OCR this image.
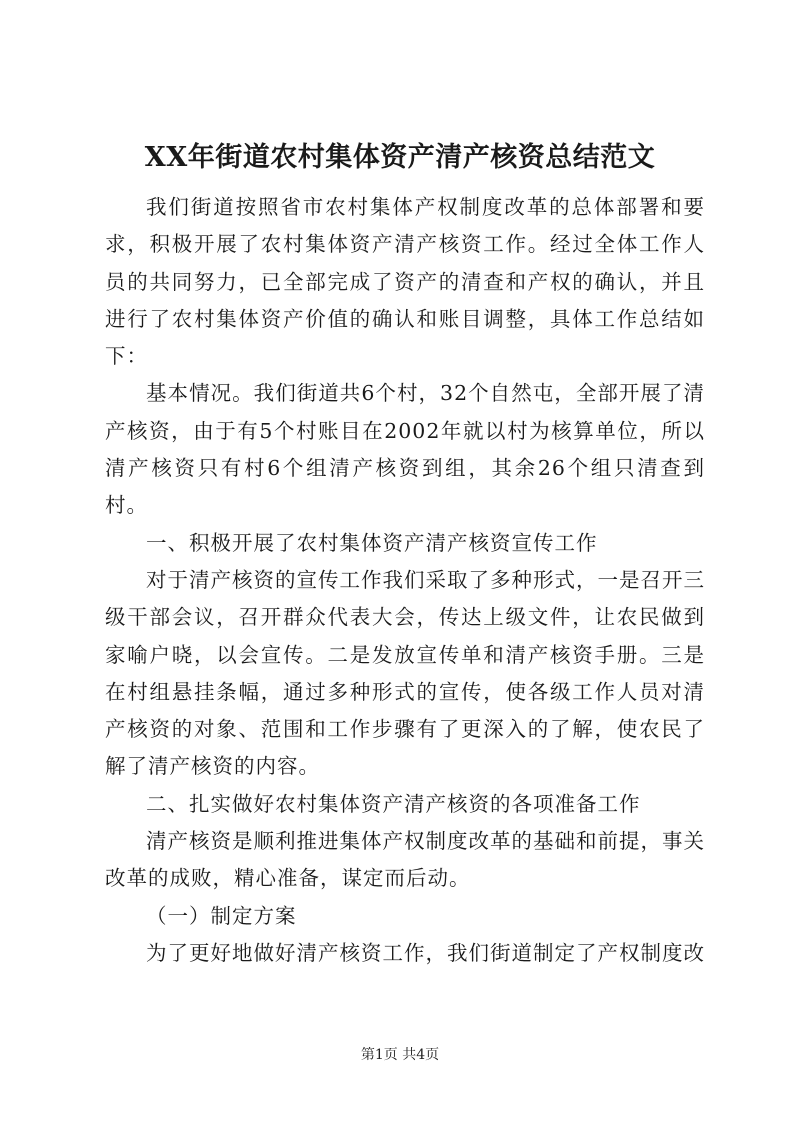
XX年街道农村集体资产清产核资总结范文

我们街道按照省市农村集体产权制度改革的总体部署和要求，积极开展了农村集体资产清产核资工作。经过全体工作人员的共同努力，已全部完成了资产的清查和产权的确认，并且进行了农村集体资产价值的确认和账目调整，具体工作总结如下：

基本情况。我们街道共6个村，32个自然屯，全部开展了清产核资，由于有5个村账目在2002年就以村为核算单位，所以清产核资只有村6个组清产核资到组，其余26个组只清查到村。

一、积极开展了农村集体资产清产核资宣传工作

对于清产核资的宣传工作我们采取了多种形式，一是召开三级干部会议，召开群众代表大会，传达上级文件，让农民做到家喻户晓，以会宣传。二是发放宣传单和清产核资手册。三是在村组悬挂条幅，通过多种形式的宣传，使各级工作人员对清产核资的对象、范围和工作步骤有了更深入的了解，使农民了解了清产核资的内容。

二、扎实做好农村集体资产清产核资的各项准备工作

清产核资是顺利推进集体产权制度改革的基础和前提，事关改革的成败，精心准备，谋定而后动。

（一）制定方案

为了更好地做好清产核资工作，我们街道制定了产权制度改

第1页 共4页
